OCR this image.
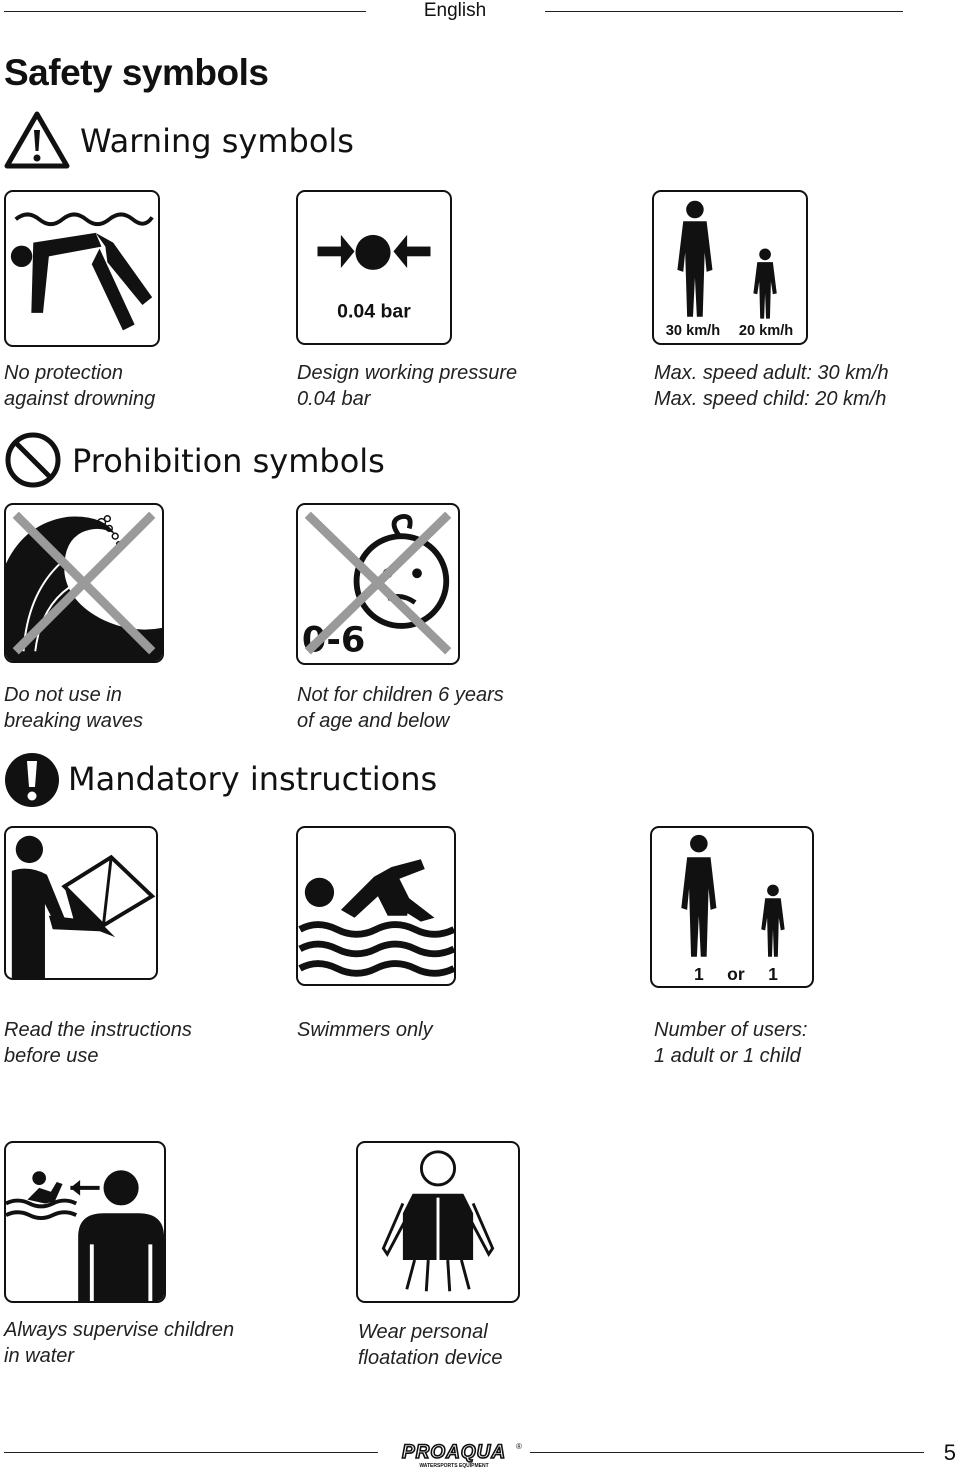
English
Safety symbols
Warning symbols
0.04 bar
30 km/h 20 km/h
No protection
against drowning
Design working pressure
0.04 bar
Max. speed adult: 30 km/h
Max. speed child: 20 km/h
Prohibition symbols
0-6
Do not use in
breaking waves
Not for children 6 years
of age and below
Mandatory instructions
1 or 1
Read the instructions
before use
Swimmers only	Number of users:
1 adult or 1 child
Always supervise children
in water
Wear personal
floatation device
PROAQUA ®
WATERSPORTS EQUIPMENT
5
